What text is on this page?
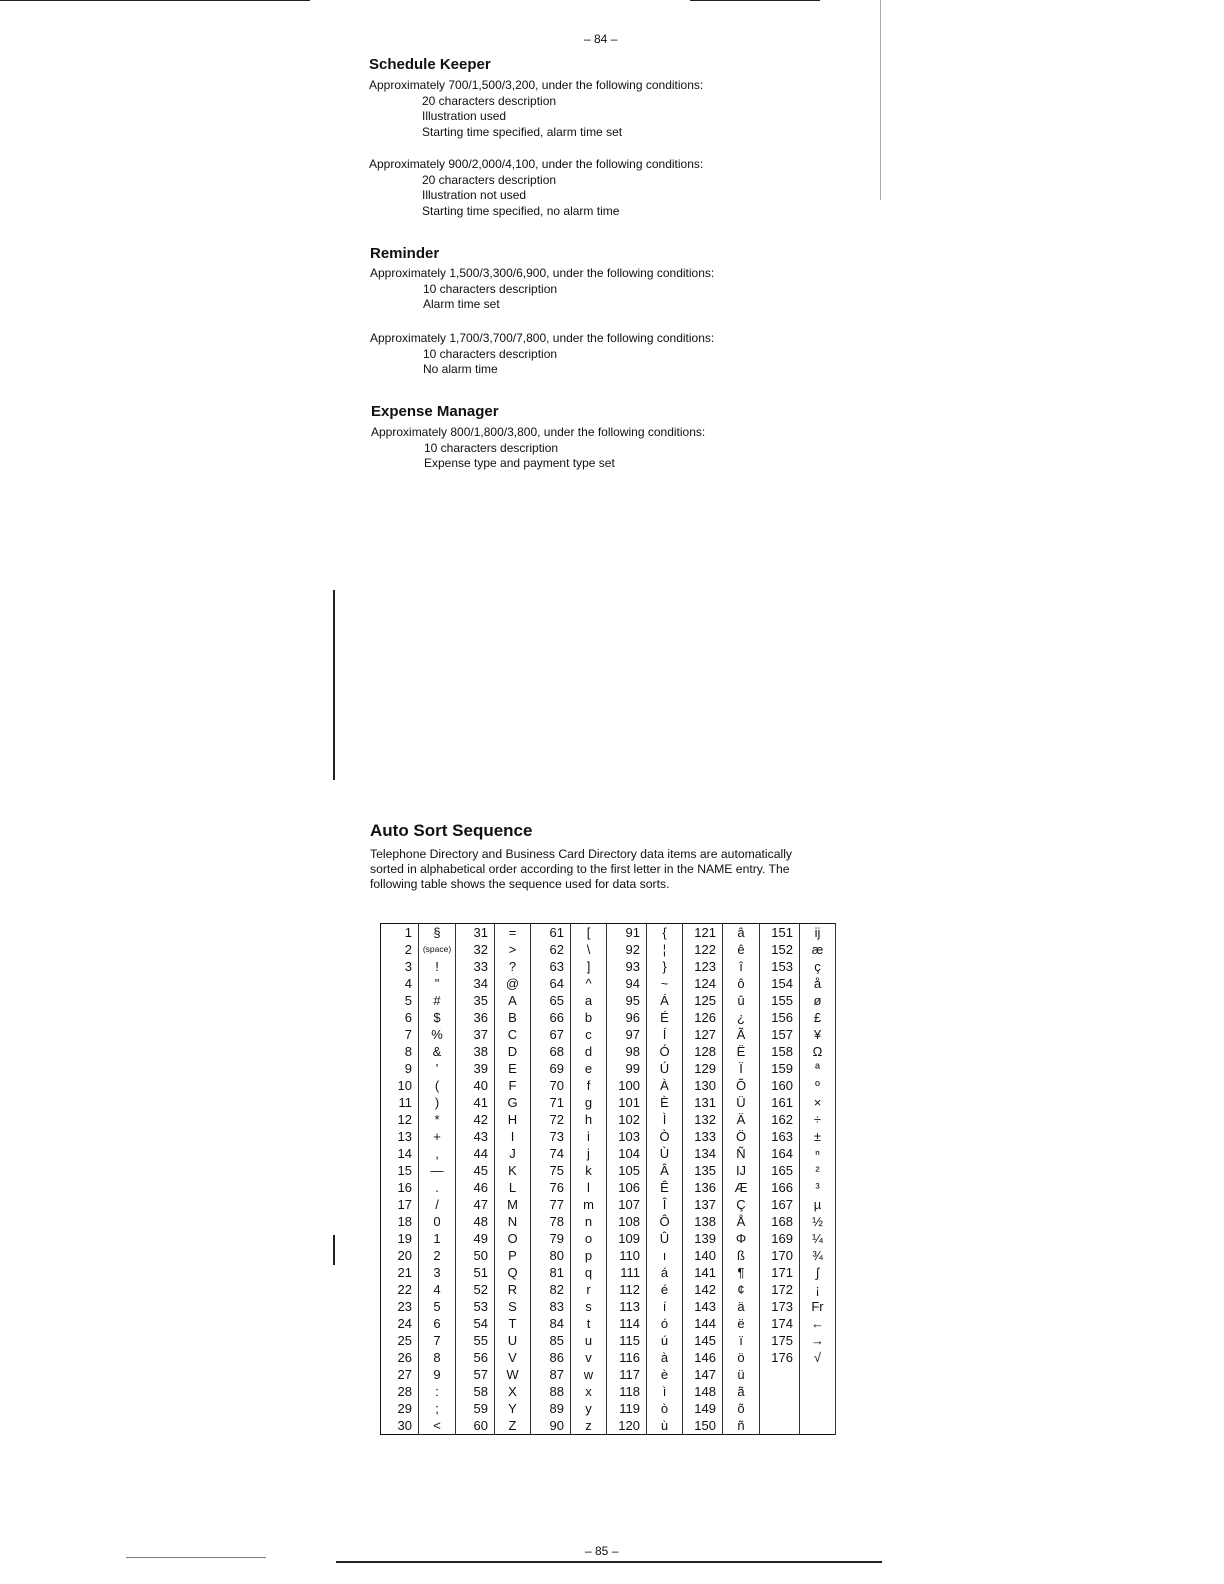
– 84 –
Schedule Keeper
Approximately 700/1,500/3,200, under the following conditions:
20 characters description
Illustration used
Starting time specified, alarm time set
Approximately 900/2,000/4,100, under the following conditions:
20 characters description
Illustration not used
Starting time specified, no alarm time
Reminder
Approximately 1,500/3,300/6,900, under the following conditions:
10 characters description
Alarm time set
Approximately 1,700/3,700/7,800, under the following conditions:
10 characters description
No alarm time
Expense Manager
Approximately 800/1,800/3,800, under the following conditions:
10 characters description
Expense type and payment type set
Auto Sort Sequence
Telephone Directory and Business Card Directory data items are automatically
sorted in alphabetical order according to the first letter in the NAME entry. The
following table shows the sequence used for data sorts.
1	§	31	=	61	[	91	{	121	â	151	ij
2	(space)	32	>	62	\	92	¦	122	ê	152	æ
3	!	33	?	63	]	93	}	123	î	153	ç
4	"	34	@	64	^	94	~	124	ô	154	å
5	#	35	A	65	a	95	Á	125	û	155	ø
6	$	36	B	66	b	96	É	126	¿	156	£
7	%	37	C	67	c	97	Í	127	Ã	157	¥
8	&	38	D	68	d	98	Ó	128	Ë	158	Ω
9	'	39	E	69	e	99	Ú	129	Ï	159	ª
10	(	40	F	70	f	100	À	130	Õ	160	º
11	)	41	G	71	g	101	È	131	Ü	161	×
12	*	42	H	72	h	102	Ì	132	Ä	162	÷
13	+	43	I	73	i	103	Ò	133	Ö	163	±
14	,	44	J	74	j	104	Ù	134	Ñ	164	ⁿ
15	—	45	K	75	k	105	Â	135	IJ	165	²
16	.	46	L	76	l	106	Ê	136	Æ	166	³
17	/	47	M	77	m	107	Î	137	Ç	167	µ
18	0	48	N	78	n	108	Ô	138	Å	168	½
19	1	49	O	79	o	109	Û	139	Φ	169	¼
20	2	50	P	80	p	110	ı	140	ß	170	¾
21	3	51	Q	81	q	111	á	141	¶	171	∫
22	4	52	R	82	r	112	é	142	¢	172	¡
23	5	53	S	83	s	113	í	143	ä	173	Fr
24	6	54	T	84	t	114	ó	144	ë	174	←
25	7	55	U	85	u	115	ú	145	ï	175	→
26	8	56	V	86	v	116	à	146	ö	176	√
27	9	57	W	87	w	117	è	147	ü		
28	:	58	X	88	x	118	ì	148	ã		
29	;	59	Y	89	y	119	ò	149	õ		
30	<	60	Z	90	z	120	ù	150	ñ		
– 85 –
